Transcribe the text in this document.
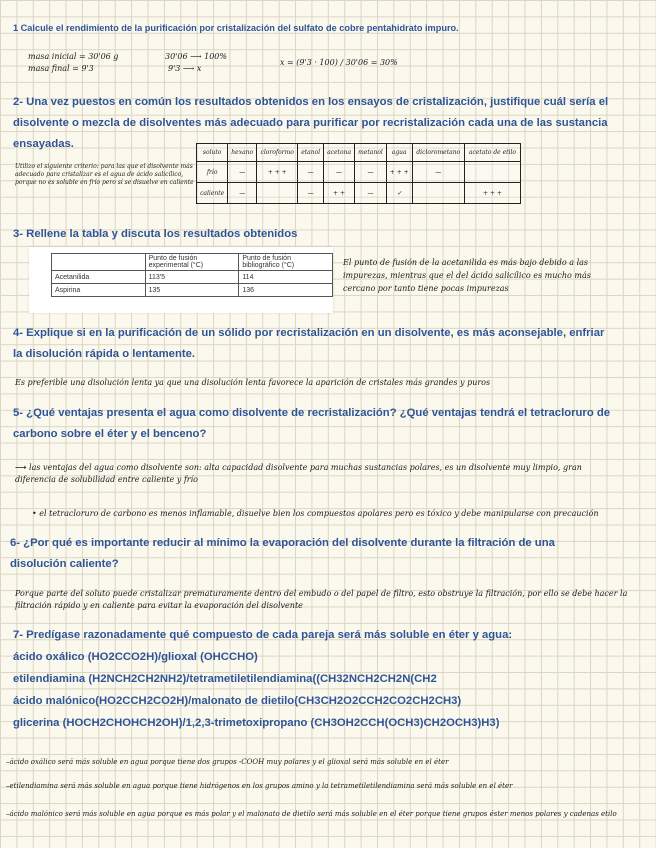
1 Calcule el rendimiento de la purificación por cristalización del sulfato de cobre pentahidrato impuro.
masa inicial = 30'06 g
masa final = 9'3
30'06 ⟶ 100%
9'3 ⟶ x
x = (9'3 · 100) / 30'06 = 30%
2- Una vez puestos en común los resultados obtenidos en los ensayos de cristalización, justifique cuál sería el disolvente o mezcla de disolventes más adecuado para purificar por recristalización cada una de las sustancia ensayadas.
Utilizo el siguiente criterio: para las que el disolvente más adecuado para cristalizar es el agua de ácido salicílico, porque no es soluble en frío pero sí se disuelve en caliente
soluto	hexano	cloroformo	etanol	acetona	metanol	agua	diclorometano	acetato de etilo
frío	—	+ + +	—	—	—	+ + +	—	
caliente	—		—	+ +	—	✓		+ + +
3- Rellene la tabla y discuta los resultados obtenidos
	Punto de fusión experimental (°C)	Punto de fusión bibliográfico (°C)
Acetanilida	113'5	114
Aspirina	135	136
El punto de fusión de la acetanilida es más bajo debido a las impurezas, mientras que el del ácido salicílico es mucho más cercano por tanto tiene pocas impurezas
4- Explique si en la purificación de un sólido por recristalización en un disolvente, es más aconsejable, enfriar la disolución rápida o lentamente.
Es preferible una disolución lenta ya que una disolución lenta favorece la aparición de cristales más grandes y puros
5- ¿Qué ventajas presenta el agua como disolvente de recristalización? ¿Qué ventajas tendrá el tetracloruro de carbono sobre el éter y el benceno?
⟶ las ventajas del agua como disolvente son: alta capacidad disolvente para muchas sustancias polares, es un disolvente muy limpio, gran diferencia de solubilidad entre caliente y frío
• el tetracloruro de carbono es menos inflamable, disuelve bien los compuestos apolares pero es tóxico y debe manipularse con precaución
6- ¿Por qué es importante reducir al mínimo la evaporación del disolvente durante la filtración de una disolución caliente?
Porque parte del soluto puede cristalizar prematuramente dentro del embudo o del papel de filtro, esto obstruye la filtración, por ello se debe hacer la filtración rápido y en caliente para evitar la evaporación del disolvente
7- Predígase razonadamente qué compuesto de cada pareja será más soluble en éter y agua:
ácido oxálico (HO2CCO2H)/glioxal (OHCCHO)
etilendiamina (H2NCH2CH2NH2)/tetrametiletilendiamina((CH32NCH2CH2N(CH2
ácido malónico(HO2CCH2CO2H)/malonato de dietilo(CH3CH2O2CCH2CO2CH2CH3)
glicerina (HOCH2CHOHCH2OH)/1,2,3-trimetoxipropano (CH3OH2CCH(OCH3)CH2OCH3)H3)
–ácido oxálico será más soluble en agua porque tiene dos grupos -COOH muy polares y el glioxal será más soluble en el éter
–etilendiamina será más soluble en agua porque tiene hidrógenos en los grupos amino y la tetrametiletilendiamina será más soluble en el éter
–ácido malónico será más soluble en agua porque es más polar y el malonato de dietilo será más soluble en el éter porque tiene grupos éster menos polares y cadenas etilo
